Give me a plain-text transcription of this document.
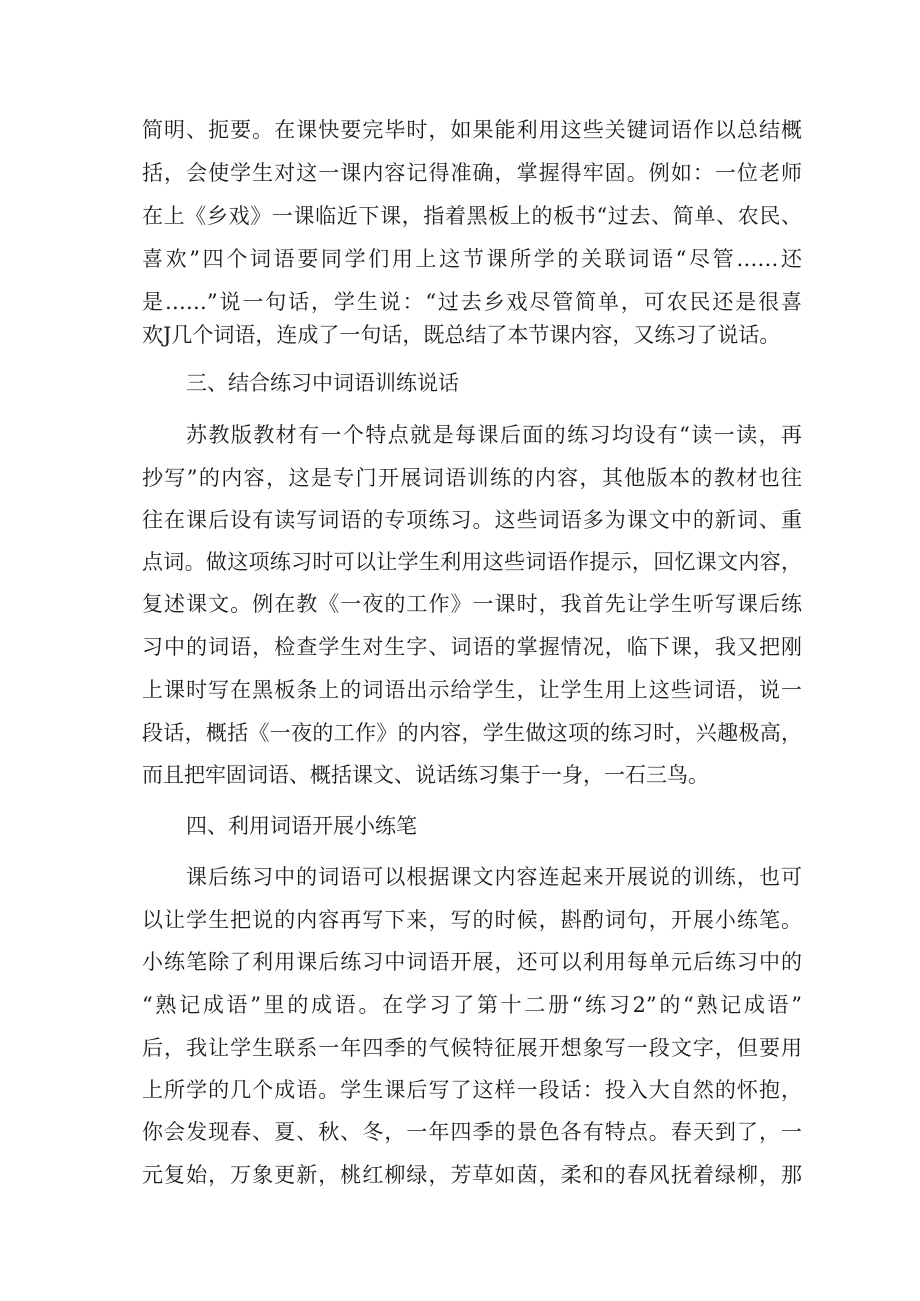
简明、扼要。在课快要完毕时，如果能利用这些关键词语作以总结概
括，会使学生对这一课内容记得准确，掌握得牢固。例如：一位老师
在上《乡戏》一课临近下课，指着黑板上的板书“过去、简单、农民、
喜欢”四个词语要同学们用上这节课所学的关联词语“尽管……还
是……”说一句话，学生说：“过去乡戏尽管简单，可农民还是很喜
欢J几个词语，连成了一句话，既总结了本节课内容，又练习了说话。
三、结合练习中词语训练说话
苏教版教材有一个特点就是每课后面的练习均设有“读一读，再
抄写”的内容，这是专门开展词语训练的内容，其他版本的教材也往
往在课后设有读写词语的专项练习。这些词语多为课文中的新词、重
点词。做这项练习时可以让学生利用这些词语作提示，回忆课文内容，
复述课文。例在教《一夜的工作》一课时，我首先让学生听写课后练
习中的词语，检查学生对生字、词语的掌握情况，临下课，我又把刚
上课时写在黑板条上的词语出示给学生，让学生用上这些词语，说一
段话，概括《一夜的工作》的内容，学生做这项的练习时，兴趣极高，
而且把牢固词语、概括课文、说话练习集于一身，一石三鸟。
四、利用词语开展小练笔
课后练习中的词语可以根据课文内容连起来开展说的训练，也可
以让学生把说的内容再写下来，写的时候，斟酌词句，开展小练笔。
小练笔除了利用课后练习中词语开展，还可以利用每单元后练习中的
“熟记成语”里的成语。在学习了第十二册“练习2”的“熟记成语”
后，我让学生联系一年四季的气候特征展开想象写一段文字，但要用
上所学的几个成语。学生课后写了这样一段话：投入大自然的怀抱，
你会发现春、夏、秋、冬，一年四季的景色各有特点。春天到了，一
元复始，万象更新，桃红柳绿，芳草如茵，柔和的春风抚着绿柳，那
